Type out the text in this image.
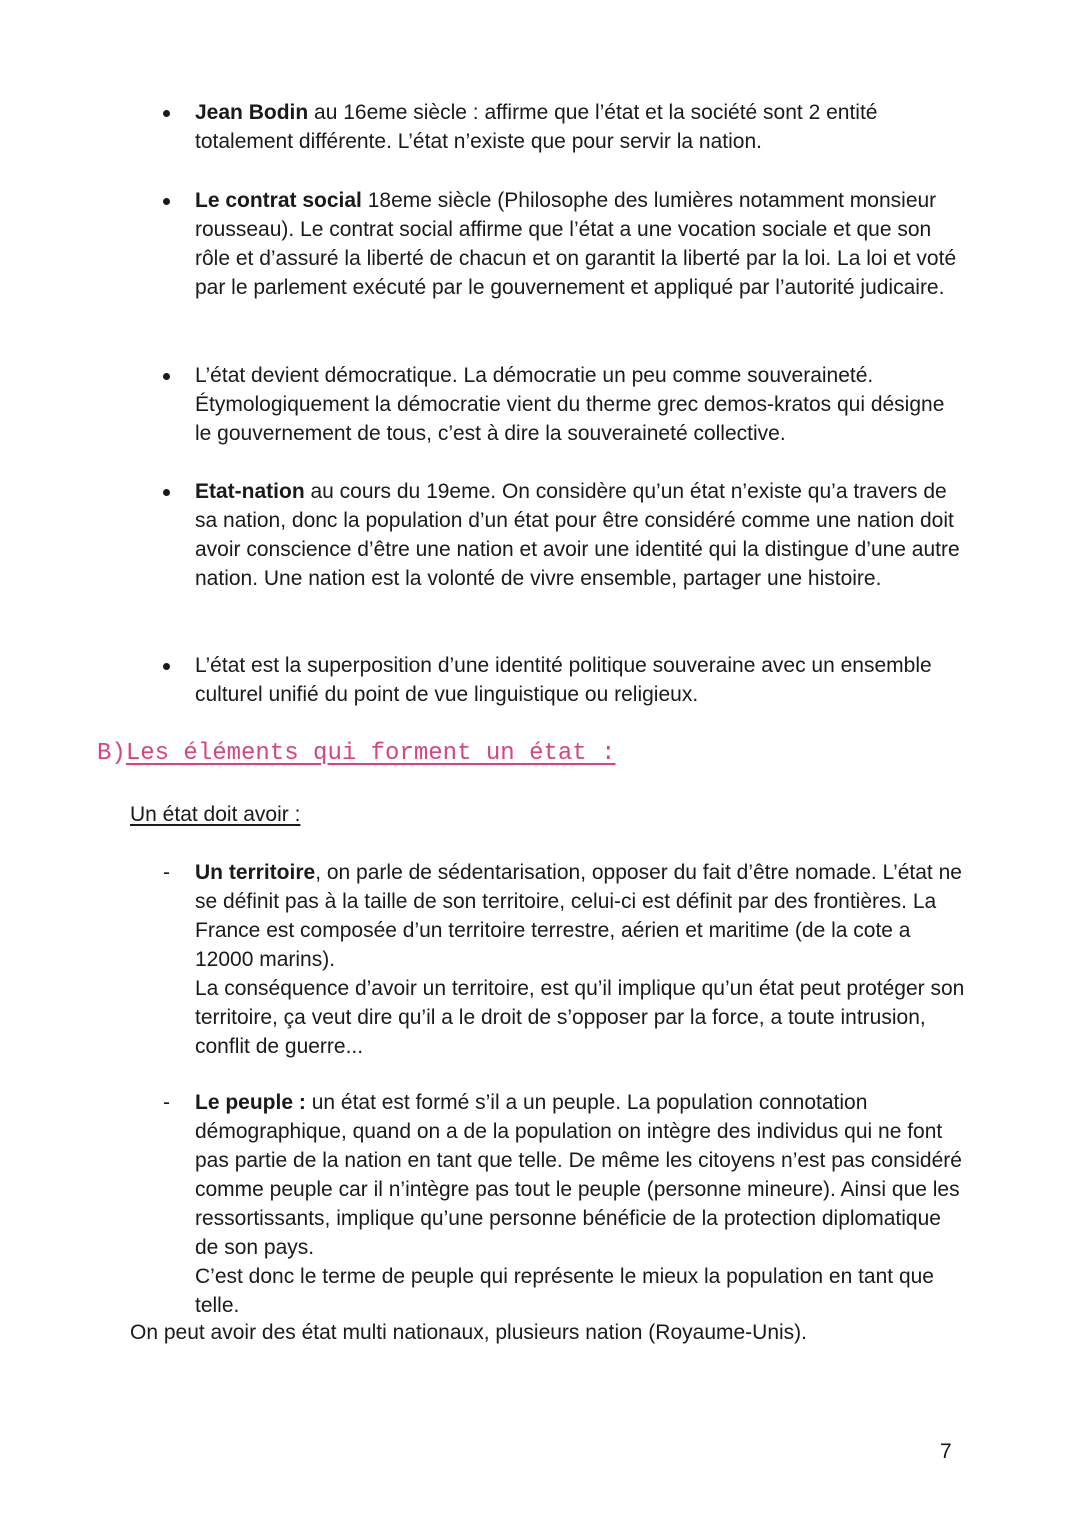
Jean Bodin au 16eme siècle : affirme que l’état et la société sont 2 entité totalement différente. L’état n’existe que pour servir la nation.
Le contrat social 18eme siècle (Philosophe des lumières notamment monsieur rousseau). Le contrat social affirme que l’état a une vocation sociale et que son rôle et d’assuré la liberté de chacun et on garantit la liberté par la loi. La loi et voté par le parlement exécuté par le gouvernement et appliqué par l’autorité judicaire.
L’état devient démocratique. La démocratie un peu comme souveraineté. Étymologiquement la démocratie vient du therme grec demos-kratos qui désigne le gouvernement de tous, c’est à dire la souveraineté collective.
Etat-nation au cours du 19eme. On considère qu’un état n’existe qu’a travers de sa nation, donc la population d’un état pour être considéré comme une nation doit avoir conscience d’être une nation et avoir une identité qui la distingue d’une autre nation. Une nation est la volonté de vivre ensemble, partager une histoire.
L’état est la superposition d’une identité politique souveraine avec un ensemble culturel unifié du point de vue linguistique ou religieux.
B)Les éléments qui forment un état :
Un état doit avoir :
- Un territoire, on parle de sédentarisation, opposer du fait d’être nomade. L’état ne se définit pas à la taille de son territoire, celui-ci est définit par des frontières. La France est composée d’un territoire terrestre, aérien et maritime (de la cote a 12000 marins).
La conséquence d’avoir un territoire, est qu’il implique qu’un état peut protéger son territoire, ça veut dire qu’il a le droit de s’opposer par la force, a toute intrusion, conflit de guerre...
- Le peuple : un état est formé s’il a un peuple. La population connotation démographique, quand on a de la population on intègre des individus qui ne font pas partie de la nation en tant que telle. De même les citoyens n’est pas considéré comme peuple car il n’intègre pas tout le peuple (personne mineure). Ainsi que les ressortissants, implique qu’une personne bénéficie de la protection diplomatique de son pays.
C’est donc le terme de peuple qui représente le mieux la population en tant que telle.
On peut avoir des état multi nationaux, plusieurs nation (Royaume-Unis).
7
